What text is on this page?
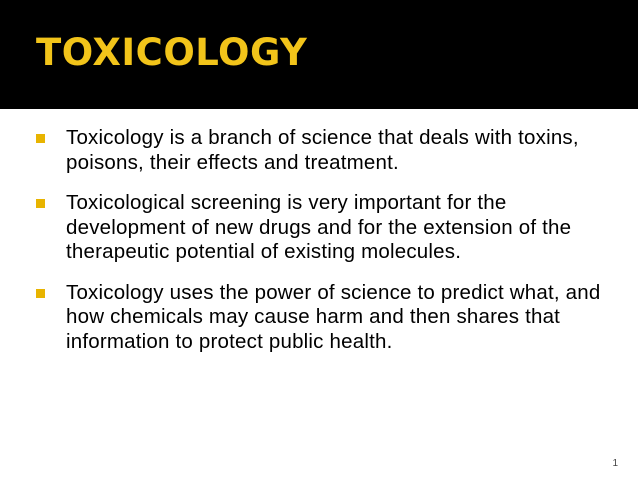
TOXICOLOGY
Toxicology is a branch of science that deals with toxins, poisons, their effects and treatment.
Toxicological screening is very important for the development of new drugs and for the extension of the therapeutic potential of existing molecules.
Toxicology uses the power of science to predict what, and how chemicals may cause harm and then shares that information to protect public health.
1
